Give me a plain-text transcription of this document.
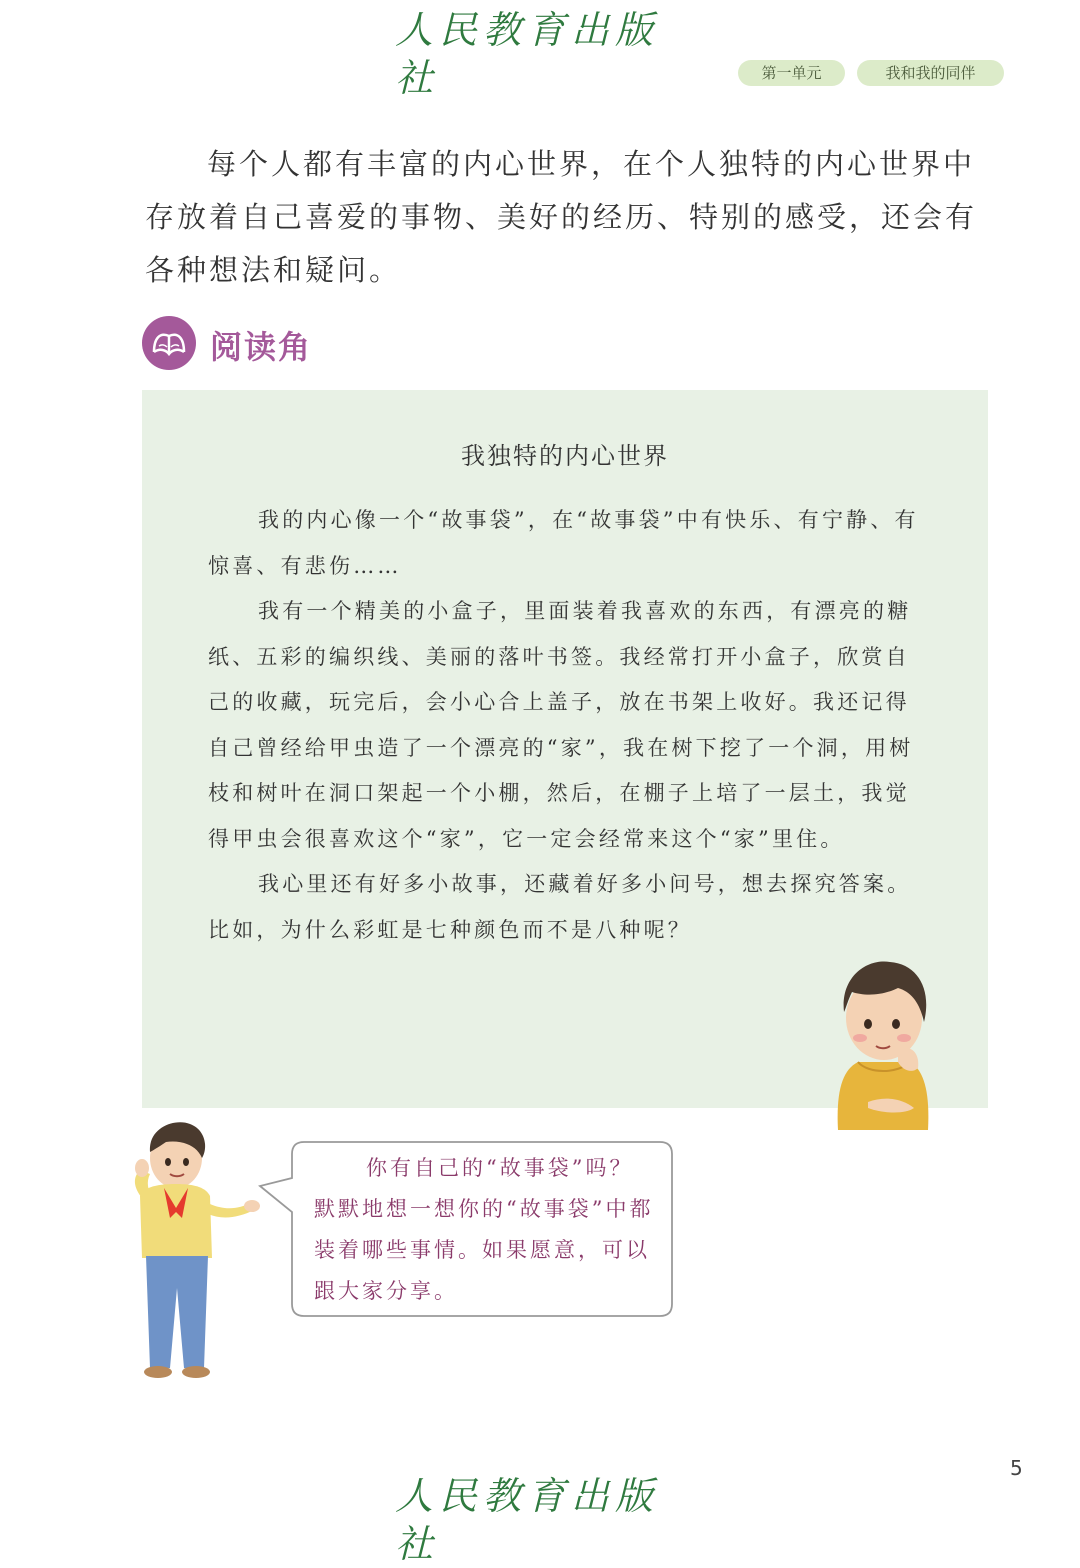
人民教育出版社	第一单元	我和我的同伴

每个人都有丰富的内心世界，在个人独特的内心世界中存放着自己喜爱的事物、美好的经历、特别的感受，还会有各种想法和疑问。

阅读角
我独特的内心世界

我的内心像一个“故事袋”，在“故事袋”中有快乐、有宁静、有惊喜、有悲伤……

我有一个精美的小盒子，里面装着我喜欢的东西，有漂亮的糖纸、五彩的编织线、美丽的落叶书签。我经常打开小盒子，欣赏自己的收藏，玩完后，会小心合上盖子，放在书架上收好。我还记得自己曾经给甲虫造了一个漂亮的“家”，我在树下挖了一个洞，用树枝和树叶在洞口架起一个小棚，然后，在棚子上培了一层土，我觉得甲虫会很喜欢这个“家”，它一定会经常来这个“家”里住。

我心里还有好多小故事，还藏着好多小问号，想去探究答案。比如，为什么彩虹是七种颜色而不是八种呢？

你有自己的“故事袋”吗？默默地想一想你的“故事袋”中都装着哪些事情。如果愿意，可以跟大家分享。

5
人民教育出版社
